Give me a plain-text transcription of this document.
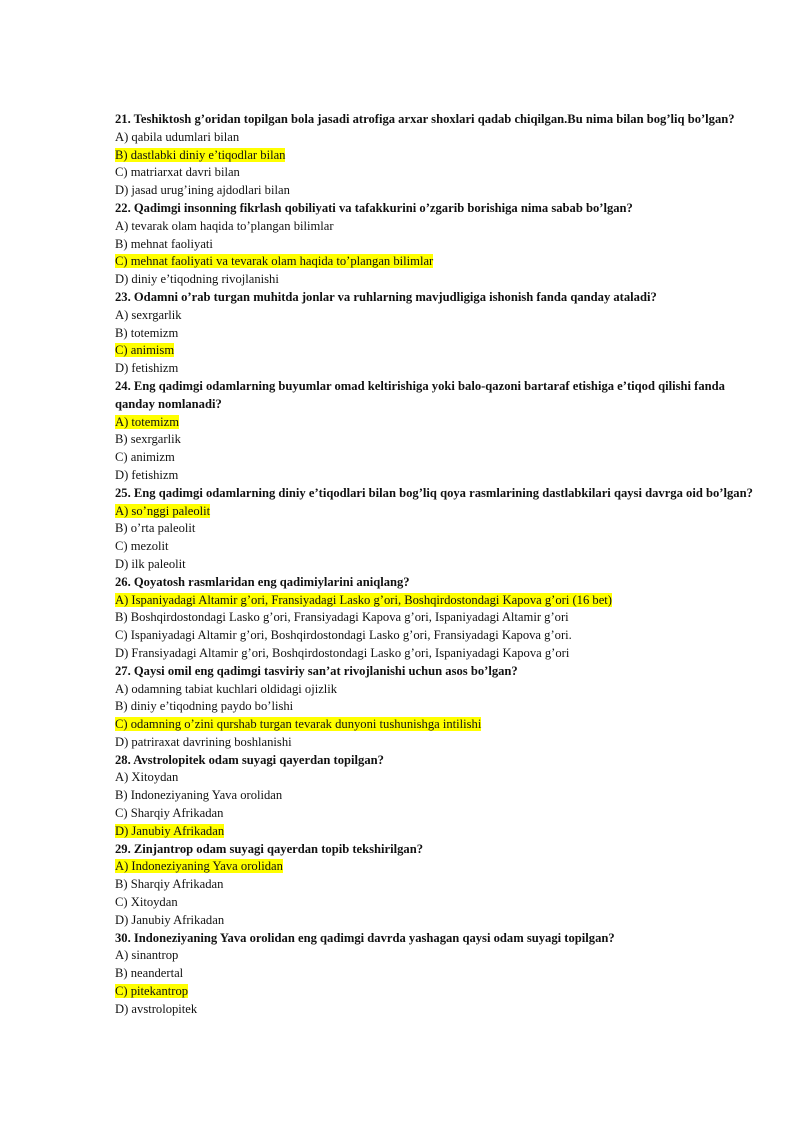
21. Teshiktosh g’oridan topilgan bola jasadi atrofiga arxar shoxlari qadab chiqilgan.Bu nima bilan bog’liq bo’lgan?
A) qabila udumlari bilan
B) dastlabki diniy e’tiqodlar bilan
C) matriarxat davri bilan
D) jasad urug’ining ajdodlari bilan
22. Qadimgi insonning fikrlash qobiliyati va tafakkurini o’zgarib borishiga nima sabab bo’lgan?
A) tevarak olam haqida to’plangan bilimlar
B) mehnat faoliyati
C) mehnat faoliyati va tevarak olam haqida to’plangan bilimlar
D) diniy e’tiqodning rivojlanishi
23. Odamni o’rab turgan muhitda jonlar va ruhlarning mavjudligiga ishonish fanda qanday ataladi?
A) sexrgarlik
B) totemizm
C) animism
D) fetishizm
24. Eng qadimgi odamlarning buyumlar omad keltirishiga yoki balo-qazoni bartaraf etishiga e’tiqod qilishi fanda qanday nomlanadi?
A) totemizm
B) sexrgarlik
C) animizm
D) fetishizm
25. Eng qadimgi odamlarning diniy e’tiqodlari bilan bog’liq qoya rasmlarining dastlabkilari qaysi davrga oid bo’lgan?
A) so’nggi paleolit
B) o’rta paleolit
C) mezolit
D) ilk paleolit
26. Qoyatosh rasmlaridan eng qadimiylarini aniqlang?
A) Ispaniyadagi Altamir g’ori, Fransiyadagi Lasko g’ori, Boshqirdostondagi Kapova g’ori (16 bet)
B) Boshqirdostondagi Lasko g’ori, Fransiyadagi Kapova g’ori, Ispaniyadagi Altamir g’ori
C) Ispaniyadagi Altamir g’ori, Boshqirdostondagi Lasko g’ori, Fransiyadagi Kapova g’ori.
D) Fransiyadagi Altamir g’ori, Boshqirdostondagi Lasko g’ori, Ispaniyadagi Kapova g’ori
27. Qaysi omil eng qadimgi tasviriy san’at rivojlanishi uchun asos bo’lgan?
A) odamning tabiat kuchlari oldidagi ojizlik
B) diniy e’tiqodning paydo bo’lishi
C) odamning o’zini qurshab turgan tevarak dunyoni tushunishga intilishi
D) patriraxat davrining boshlanishi
28. Avstrolopitek odam suyagi qayerdan topilgan?
A) Xitoydan
B) Indoneziyaning Yava orolidan
C) Sharqiy Afrikadan
D) Janubiy Afrikadan
29. Zinjantrop odam suyagi qayerdan topib tekshirilgan?
A) Indoneziyaning Yava orolidan
B) Sharqiy Afrikadan
C) Xitoydan
D) Janubiy Afrikadan
30. Indoneziyaning Yava orolidan eng qadimgi davrda yashagan qaysi odam suyagi topilgan?
A) sinantrop
B) neandertal
C) pitekantrop
D) avstrolopitek
